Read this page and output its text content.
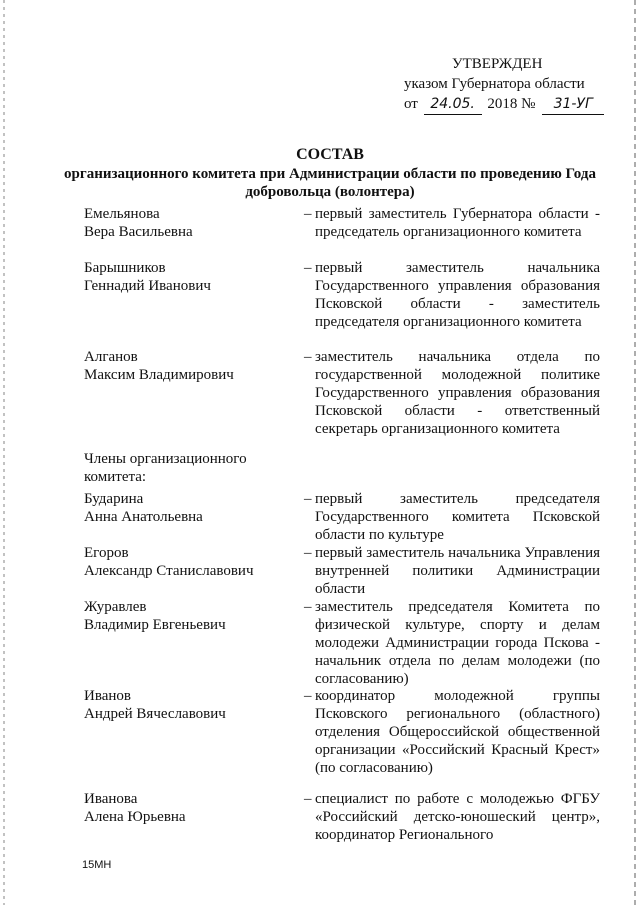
УТВЕРЖДЕН
указом Губернатора области
от 24.05. 2018 № 31-УГ
СОСТАВ
организационного комитета при Администрации области по проведению Года добровольца (волонтера)
Емельянова
Вера Васильевна
– первый заместитель Губернатора области - председатель организационного комитета
Барышников
Геннадий Иванович
– первый заместитель начальника Государственного управления образования Псковской области - заместитель председателя организационного комитета
Алганов
Максим Владимирович
– заместитель начальника отдела по государственной молодежной политике Государственного управления образования Псковской области - ответственный секретарь организационного комитета
Члены организационного комитета:
Бударина
Анна Анатольевна
– первый заместитель председателя Государственного комитета Псковской области по культуре
Егоров
Александр Станиславович
– первый заместитель начальника Управления внутренней политики Администрации области
Журавлев
Владимир Евгеньевич
– заместитель председателя Комитета по физической культуре, спорту и делам молодежи Администрации города Пскова - начальник отдела по делам молодежи (по согласованию)
Иванов
Андрей Вячеславович
– координатор молодежной группы Псковского регионального (областного) отделения Общероссийской общественной организации «Российский Красный Крест» (по согласованию)
Иванова
Алена Юрьевна
– специалист по работе с молодежью ФГБУ «Российский детско-юношеский центр», координатор Регионального
15МН
